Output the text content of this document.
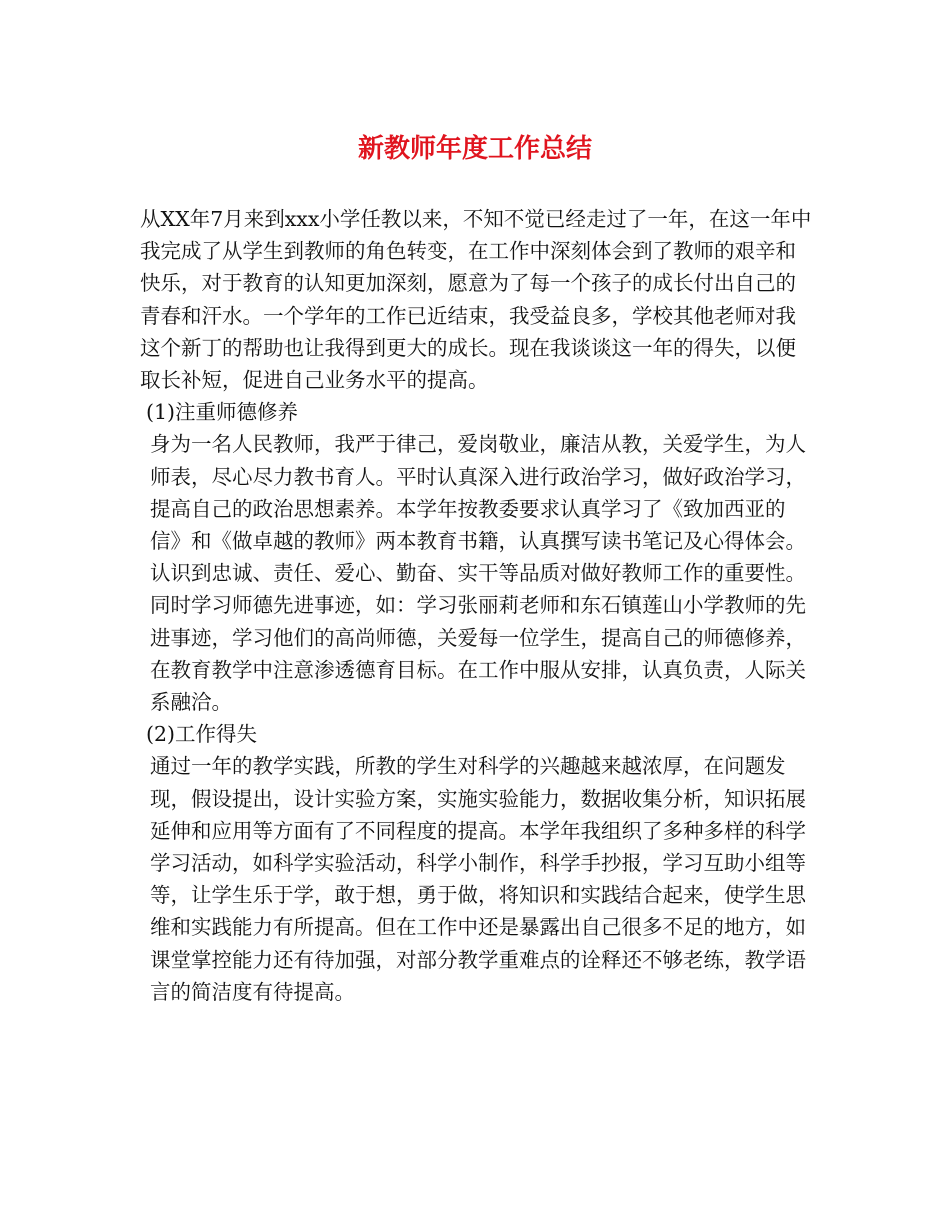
新教师年度工作总结

从XX年7月来到xxx小学任教以来，不知不觉已经走过了一年，在这一年中我完成了从学生到教师的角色转变，在工作中深刻体会到了教师的艰辛和快乐，对于教育的认知更加深刻，愿意为了每一个孩子的成长付出自己的青春和汗水。一个学年的工作已近结束，我受益良多，学校其他老师对我这个新丁的帮助也让我得到更大的成长。现在我谈谈这一年的得失，以便取长补短，促进自己业务水平的提高。

(1)注重师德修养

身为一名人民教师，我严于律己，爱岗敬业，廉洁从教，关爱学生，为人师表，尽心尽力教书育人。平时认真深入进行政治学习，做好政治学习，提高自己的政治思想素养。本学年按教委要求认真学习了《致加西亚的信》和《做卓越的教师》两本教育书籍，认真撰写读书笔记及心得体会。认识到忠诚、责任、爱心、勤奋、实干等品质对做好教师工作的重要性。同时学习师德先进事迹，如：学习张丽莉老师和东石镇莲山小学教师的先进事迹，学习他们的高尚师德，关爱每一位学生，提高自己的师德修养，在教育教学中注意渗透德育目标。在工作中服从安排，认真负责，人际关系融洽。

(2)工作得失

通过一年的教学实践，所教的学生对科学的兴趣越来越浓厚，在问题发现，假设提出，设计实验方案，实施实验能力，数据收集分析，知识拓展延伸和应用等方面有了不同程度的提高。本学年我组织了多种多样的科学学习活动，如科学实验活动，科学小制作，科学手抄报，学习互助小组等等，让学生乐于学，敢于想，勇于做，将知识和实践结合起来，使学生思维和实践能力有所提高。但在工作中还是暴露出自己很多不足的地方，如课堂掌控能力还有待加强，对部分教学重难点的诠释还不够老练，教学语言的简洁度有待提高。
